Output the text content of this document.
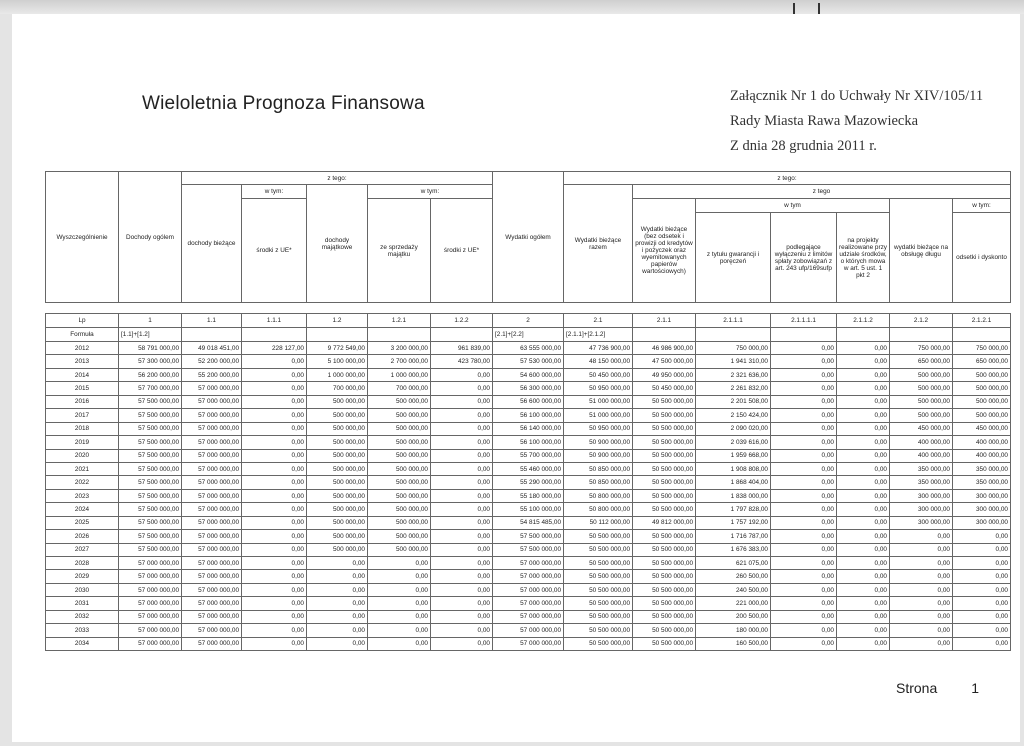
Wieloletnia Prognoza Finansowa	Załącznik Nr 1 do Uchwały Nr XIV/105/11
Rady Miasta Rawa Mazowiecka
Z dnia 28 grudnia 2011 r.
Wyszczególnienie	Dochody ogólem	z tego:					Wydatki ogółem	z tego:						
		dochody bieżące	w tym:	dochody majątkowe	w tym:			Wydatki bieżące razem	z tego					
			środki z UE*		ze sprzedaży majątku	środki z UE*			Wydatki bieżące (bez odsetek i prowizji od kredytów i pożyczek oraz wyemitowanych papierów wartościowych)	w tym			wydatki bieżące na obsługę długu	w tym:
										z tytułu gwarancji i poręczeń	podlegające wyłączeniu z limitów spłaty zobowiązań z art. 243 ufp/169sufp	na projekty realizowane przy udziale środków, o których mowa w art. 5 ust. 1 pkt 2		odsetki i dyskonto

Lp	1	1.1	1.1.1	1.2	1.2.1	1.2.2	2	2.1	2.1.1	2.1.1.1	2.1.1.1.1	2.1.1.2	2.1.2	2.1.2.1
Formuła	[1.1]+[1.2]						[2.1]+[2.2]	[2.1.1]+[2.1.2]						
2012	58 791 000,00	49 018 451,00	228 127,00	9 772 549,00	3 200 000,00	961 839,00	63 555 000,00	47 736 900,00	46 986 900,00	750 000,00	0,00	0,00	750 000,00	750 000,00
2013	57 300 000,00	52 200 000,00	0,00	5 100 000,00	2 700 000,00	423 780,00	57 530 000,00	48 150 000,00	47 500 000,00	1 941 310,00	0,00	0,00	650 000,00	650 000,00
2014	56 200 000,00	55 200 000,00	0,00	1 000 000,00	1 000 000,00	0,00	54 600 000,00	50 450 000,00	49 950 000,00	2 321 636,00	0,00	0,00	500 000,00	500 000,00
2015	57 700 000,00	57 000 000,00	0,00	700 000,00	700 000,00	0,00	56 300 000,00	50 950 000,00	50 450 000,00	2 261 832,00	0,00	0,00	500 000,00	500 000,00
2016	57 500 000,00	57 000 000,00	0,00	500 000,00	500 000,00	0,00	56 600 000,00	51 000 000,00	50 500 000,00	2 201 508,00	0,00	0,00	500 000,00	500 000,00
2017	57 500 000,00	57 000 000,00	0,00	500 000,00	500 000,00	0,00	56 100 000,00	51 000 000,00	50 500 000,00	2 150 424,00	0,00	0,00	500 000,00	500 000,00
2018	57 500 000,00	57 000 000,00	0,00	500 000,00	500 000,00	0,00	56 140 000,00	50 950 000,00	50 500 000,00	2 090 020,00	0,00	0,00	450 000,00	450 000,00
2019	57 500 000,00	57 000 000,00	0,00	500 000,00	500 000,00	0,00	56 100 000,00	50 900 000,00	50 500 000,00	2 039 616,00	0,00	0,00	400 000,00	400 000,00
2020	57 500 000,00	57 000 000,00	0,00	500 000,00	500 000,00	0,00	55 700 000,00	50 900 000,00	50 500 000,00	1 959 668,00	0,00	0,00	400 000,00	400 000,00
2021	57 500 000,00	57 000 000,00	0,00	500 000,00	500 000,00	0,00	55 460 000,00	50 850 000,00	50 500 000,00	1 908 808,00	0,00	0,00	350 000,00	350 000,00
2022	57 500 000,00	57 000 000,00	0,00	500 000,00	500 000,00	0,00	55 290 000,00	50 850 000,00	50 500 000,00	1 868 404,00	0,00	0,00	350 000,00	350 000,00
2023	57 500 000,00	57 000 000,00	0,00	500 000,00	500 000,00	0,00	55 180 000,00	50 800 000,00	50 500 000,00	1 838 000,00	0,00	0,00	300 000,00	300 000,00
2024	57 500 000,00	57 000 000,00	0,00	500 000,00	500 000,00	0,00	55 100 000,00	50 800 000,00	50 500 000,00	1 797 828,00	0,00	0,00	300 000,00	300 000,00
2025	57 500 000,00	57 000 000,00	0,00	500 000,00	500 000,00	0,00	54 815 485,00	50 112 000,00	49 812 000,00	1 757 192,00	0,00	0,00	300 000,00	300 000,00
2026	57 500 000,00	57 000 000,00	0,00	500 000,00	500 000,00	0,00	57 500 000,00	50 500 000,00	50 500 000,00	1 716 787,00	0,00	0,00	0,00	0,00
2027	57 500 000,00	57 000 000,00	0,00	500 000,00	500 000,00	0,00	57 500 000,00	50 500 000,00	50 500 000,00	1 676 383,00	0,00	0,00	0,00	0,00
2028	57 000 000,00	57 000 000,00	0,00	0,00	0,00	0,00	57 000 000,00	50 500 000,00	50 500 000,00	621 075,00	0,00	0,00	0,00	0,00
2029	57 000 000,00	57 000 000,00	0,00	0,00	0,00	0,00	57 000 000,00	50 500 000,00	50 500 000,00	260 500,00	0,00	0,00	0,00	0,00
2030	57 000 000,00	57 000 000,00	0,00	0,00	0,00	0,00	57 000 000,00	50 500 000,00	50 500 000,00	240 500,00	0,00	0,00	0,00	0,00
2031	57 000 000,00	57 000 000,00	0,00	0,00	0,00	0,00	57 000 000,00	50 500 000,00	50 500 000,00	221 000,00	0,00	0,00	0,00	0,00
2032	57 000 000,00	57 000 000,00	0,00	0,00	0,00	0,00	57 000 000,00	50 500 000,00	50 500 000,00	200 500,00	0,00	0,00	0,00	0,00
2033	57 000 000,00	57 000 000,00	0,00	0,00	0,00	0,00	57 000 000,00	50 500 000,00	50 500 000,00	180 000,00	0,00	0,00	0,00	0,00
2034	57 000 000,00	57 000 000,00	0,00	0,00	0,00	0,00	57 000 000,00	50 500 000,00	50 500 000,00	160 500,00	0,00	0,00	0,00	0,00
Strona 1
